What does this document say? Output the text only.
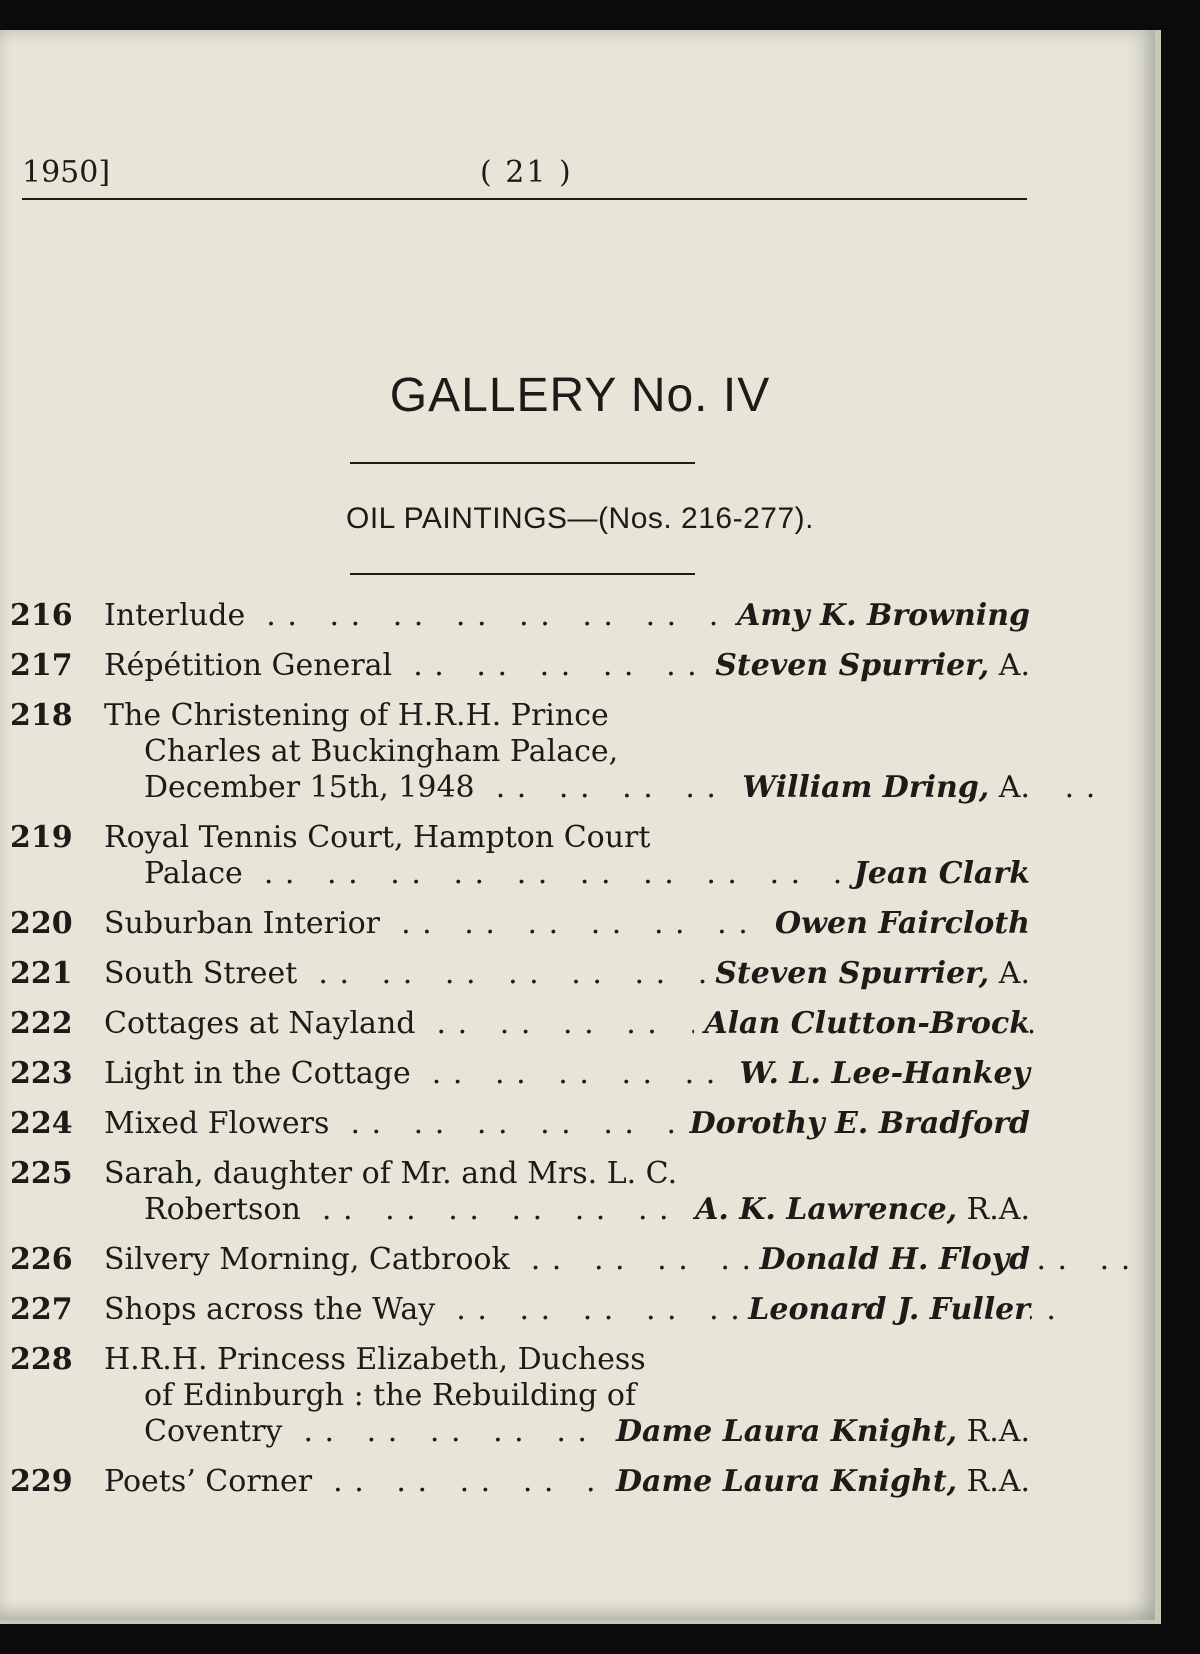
1950]	( 21 )
GALLERY No. IV
OIL PAINTINGS—(Nos. 216-277).
216 Interlude . .	Amy K. Browning
217 Répétition General . .	Steven Spurrier, A.
218 The Christening of H.R.H. Prince
Charles at Buckingham Palace,
December 15th, 1948 . .	William Dring, A.
219 Royal Tennis Court, Hampton Court
Palace . .	Jean Clark
220 Suburban Interior . .	Owen Faircloth
221 South Street . .	Steven Spurrier, A.
222 Cottages at Nayland . .	Alan Clutton-Brock
223 Light in the Cottage . .	W. L. Lee-Hankey
224 Mixed Flowers . .	Dorothy E. Bradford
225 Sarah, daughter of Mr. and Mrs. L. C.
Robertson . .	A. K. Lawrence, R.A.
226 Silvery Morning, Catbrook . .	Donald H. Floyd
227 Shops across the Way . .	Leonard J. Fuller
228 H.R.H. Princess Elizabeth, Duchess
of Edinburgh : the Rebuilding of
Coventry . .	Dame Laura Knight, R.A.
229 Poets’ Corner . .	Dame Laura Knight, R.A.
